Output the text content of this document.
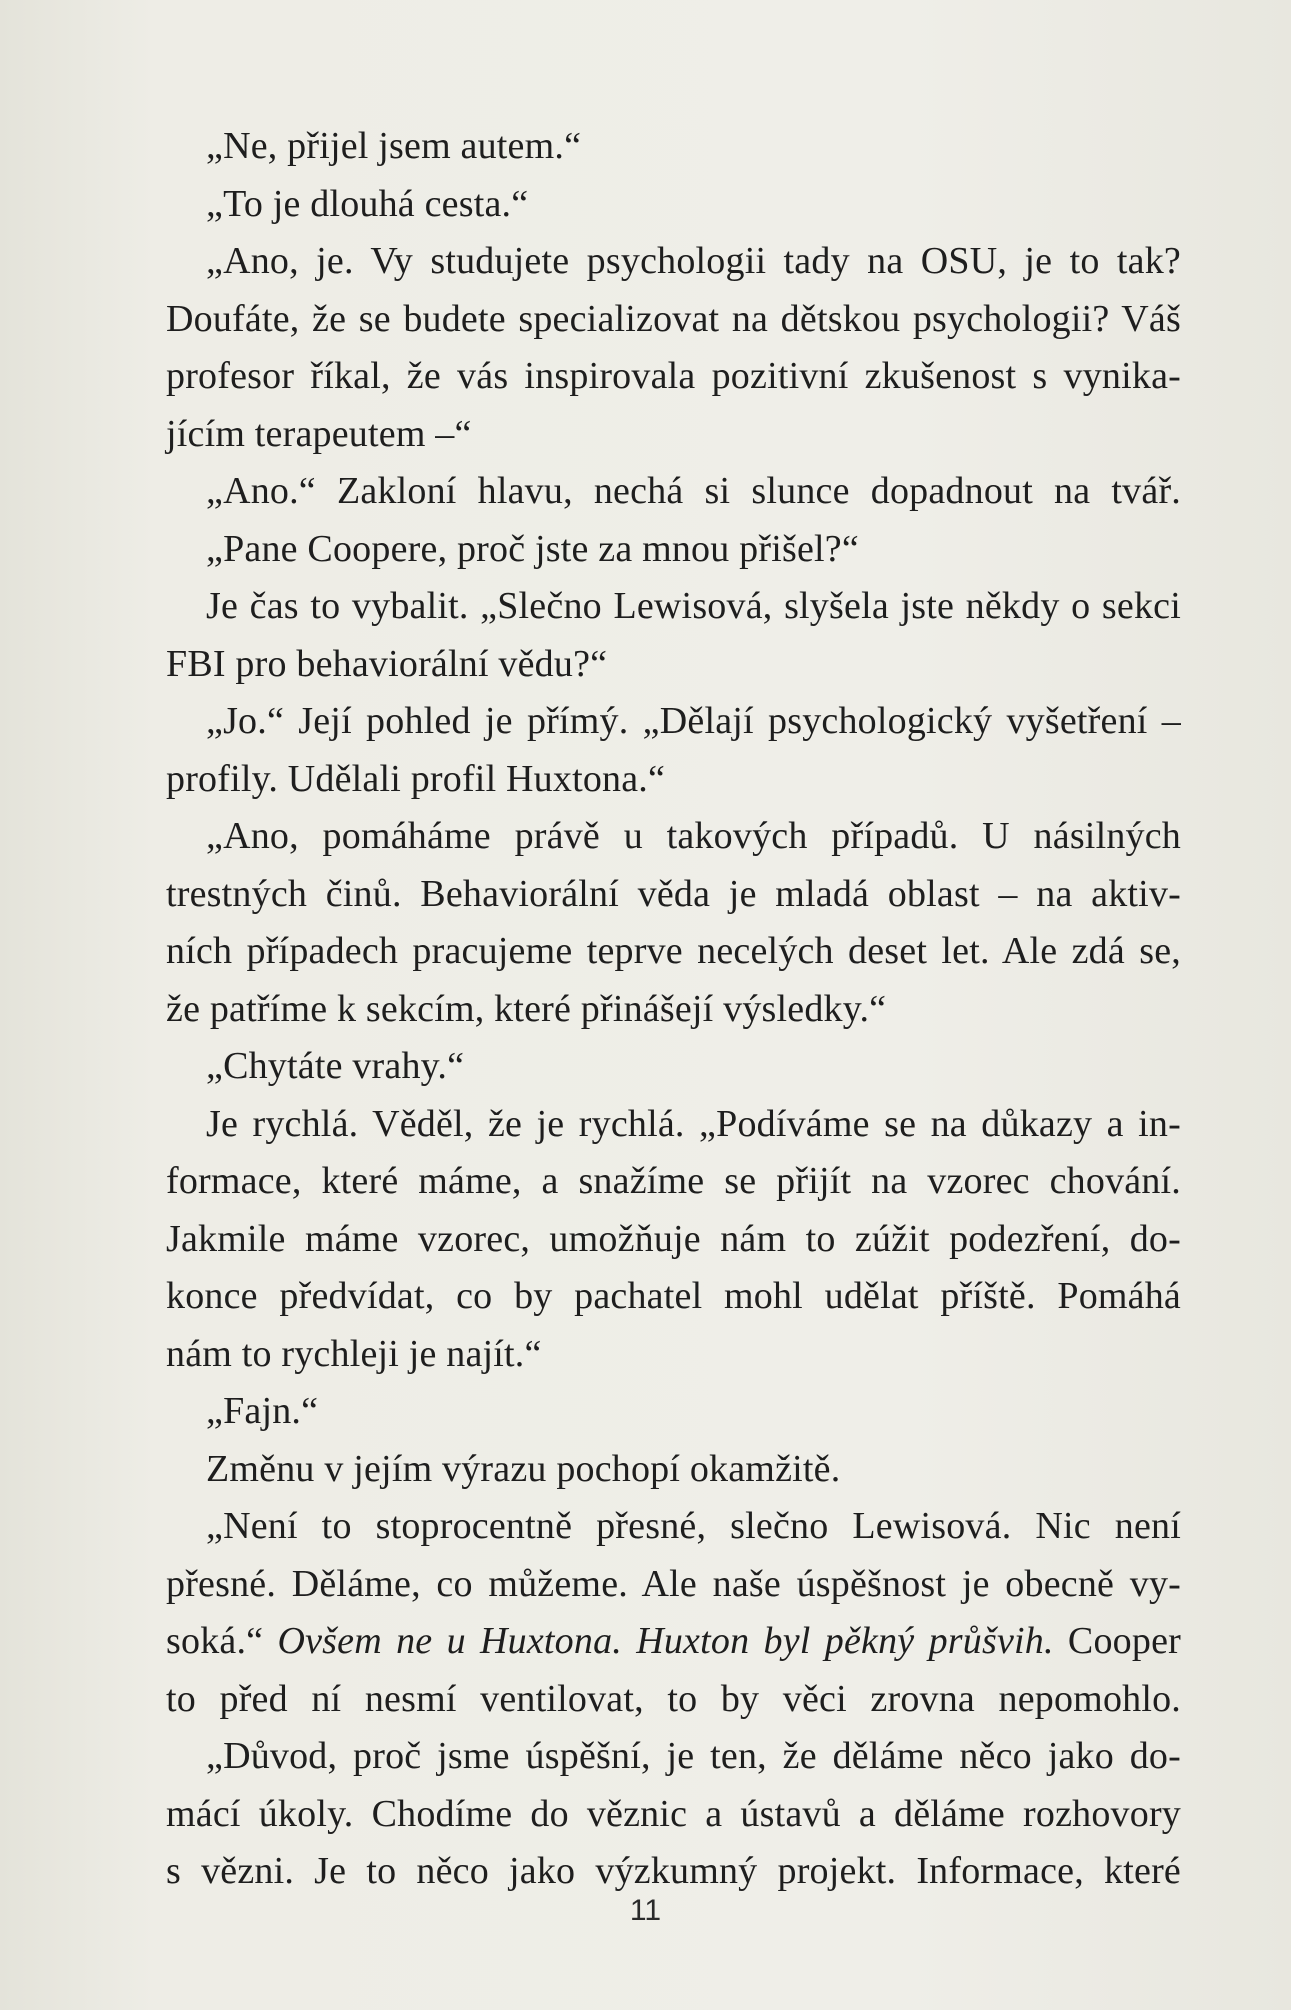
„Ne, přijel jsem autem.“
„To je dlouhá cesta.“
„Ano, je. Vy studujete psychologii tady na OSU, je to tak?
Doufáte, že se budete specializovat na dětskou psychologii? Váš
profesor říkal, že vás inspirovala pozitivní zkušenost s vynika-
jícím terapeutem –“
„Ano.“ Zakloní hlavu, nechá si slunce dopadnout na tvář.
„Pane Coopere, proč jste za mnou přišel?“
Je čas to vybalit. „Slečno Lewisová, slyšela jste někdy o sekci
FBI pro behaviorální vědu?“
„Jo.“ Její pohled je přímý. „Dělají psychologický vyšetření –
profily. Udělali profil Huxtona.“
„Ano, pomáháme právě u takových případů. U násilných
trestných činů. Behaviorální věda je mladá oblast – na aktiv-
ních případech pracujeme teprve necelých deset let. Ale zdá se,
že patříme k sekcím, které přinášejí výsledky.“
„Chytáte vrahy.“
Je rychlá. Věděl, že je rychlá. „Podíváme se na důkazy a in-
formace, které máme, a snažíme se přijít na vzorec chování.
Jakmile máme vzorec, umožňuje nám to zúžit podezření, do-
konce předvídat, co by pachatel mohl udělat příště. Pomáhá
nám to rychleji je najít.“
„Fajn.“
Změnu v jejím výrazu pochopí okamžitě.
„Není to stoprocentně přesné, slečno Lewisová. Nic není
přesné. Děláme, co můžeme. Ale naše úspěšnost je obecně vy-
soká.“ Ovšem ne u Huxtona. Huxton byl pěkný průšvih. Cooper
to před ní nesmí ventilovat, to by věci zrovna nepomohlo.
„Důvod, proč jsme úspěšní, je ten, že děláme něco jako do-
mácí úkoly. Chodíme do věznic a ústavů a děláme rozhovory
s vězni. Je to něco jako výzkumný projekt. Informace, které
11
